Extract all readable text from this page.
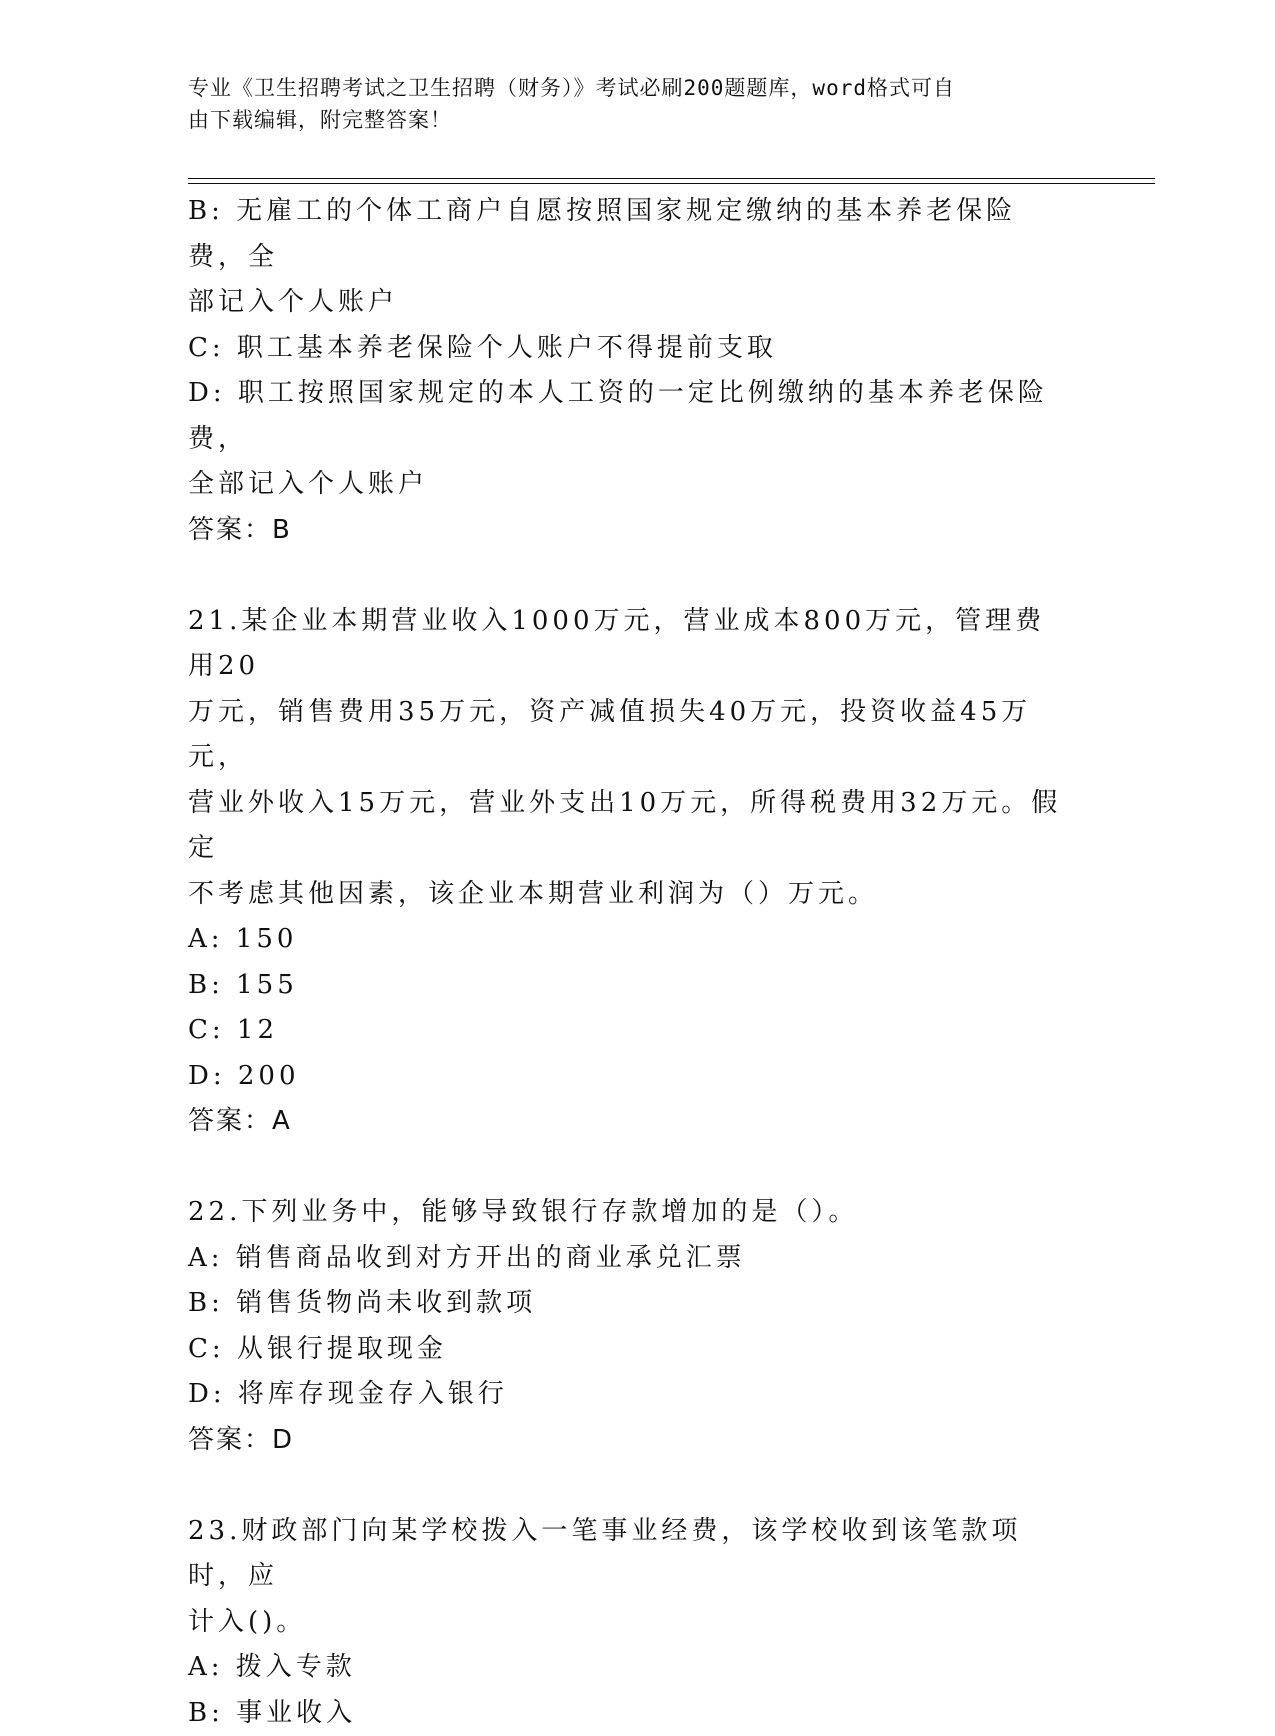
专业《卫生招聘考试之卫生招聘（财务）》考试必刷200题题库，word格式可自
由下载编辑，附完整答案！
B: 无雇工的个体工商户自愿按照国家规定缴纳的基本养老保险费，全
部记入个人账户
C: 职工基本养老保险个人账户不得提前支取
D: 职工按照国家规定的本人工资的一定比例缴纳的基本养老保险费，
全部记入个人账户
答案：B
21.某企业本期营业收入1000万元，营业成本800万元，管理费用20
万元，销售费用35万元，资产减值损失40万元，投资收益45万元，
营业外收入15万元，营业外支出10万元，所得税费用32万元。假定
不考虑其他因素，该企业本期营业利润为（）万元。
A: 150
B: 155
C: 12
D: 200
答案：A
22.下列业务中，能够导致银行存款增加的是（）。
A: 销售商品收到对方开出的商业承兑汇票
B: 销售货物尚未收到款项
C: 从银行提取现金
D: 将库存现金存入银行
答案：D
23.财政部门向某学校拨入一笔事业经费，该学校收到该笔款项时，应
计入()。
A: 拨入专款
B: 事业收入
